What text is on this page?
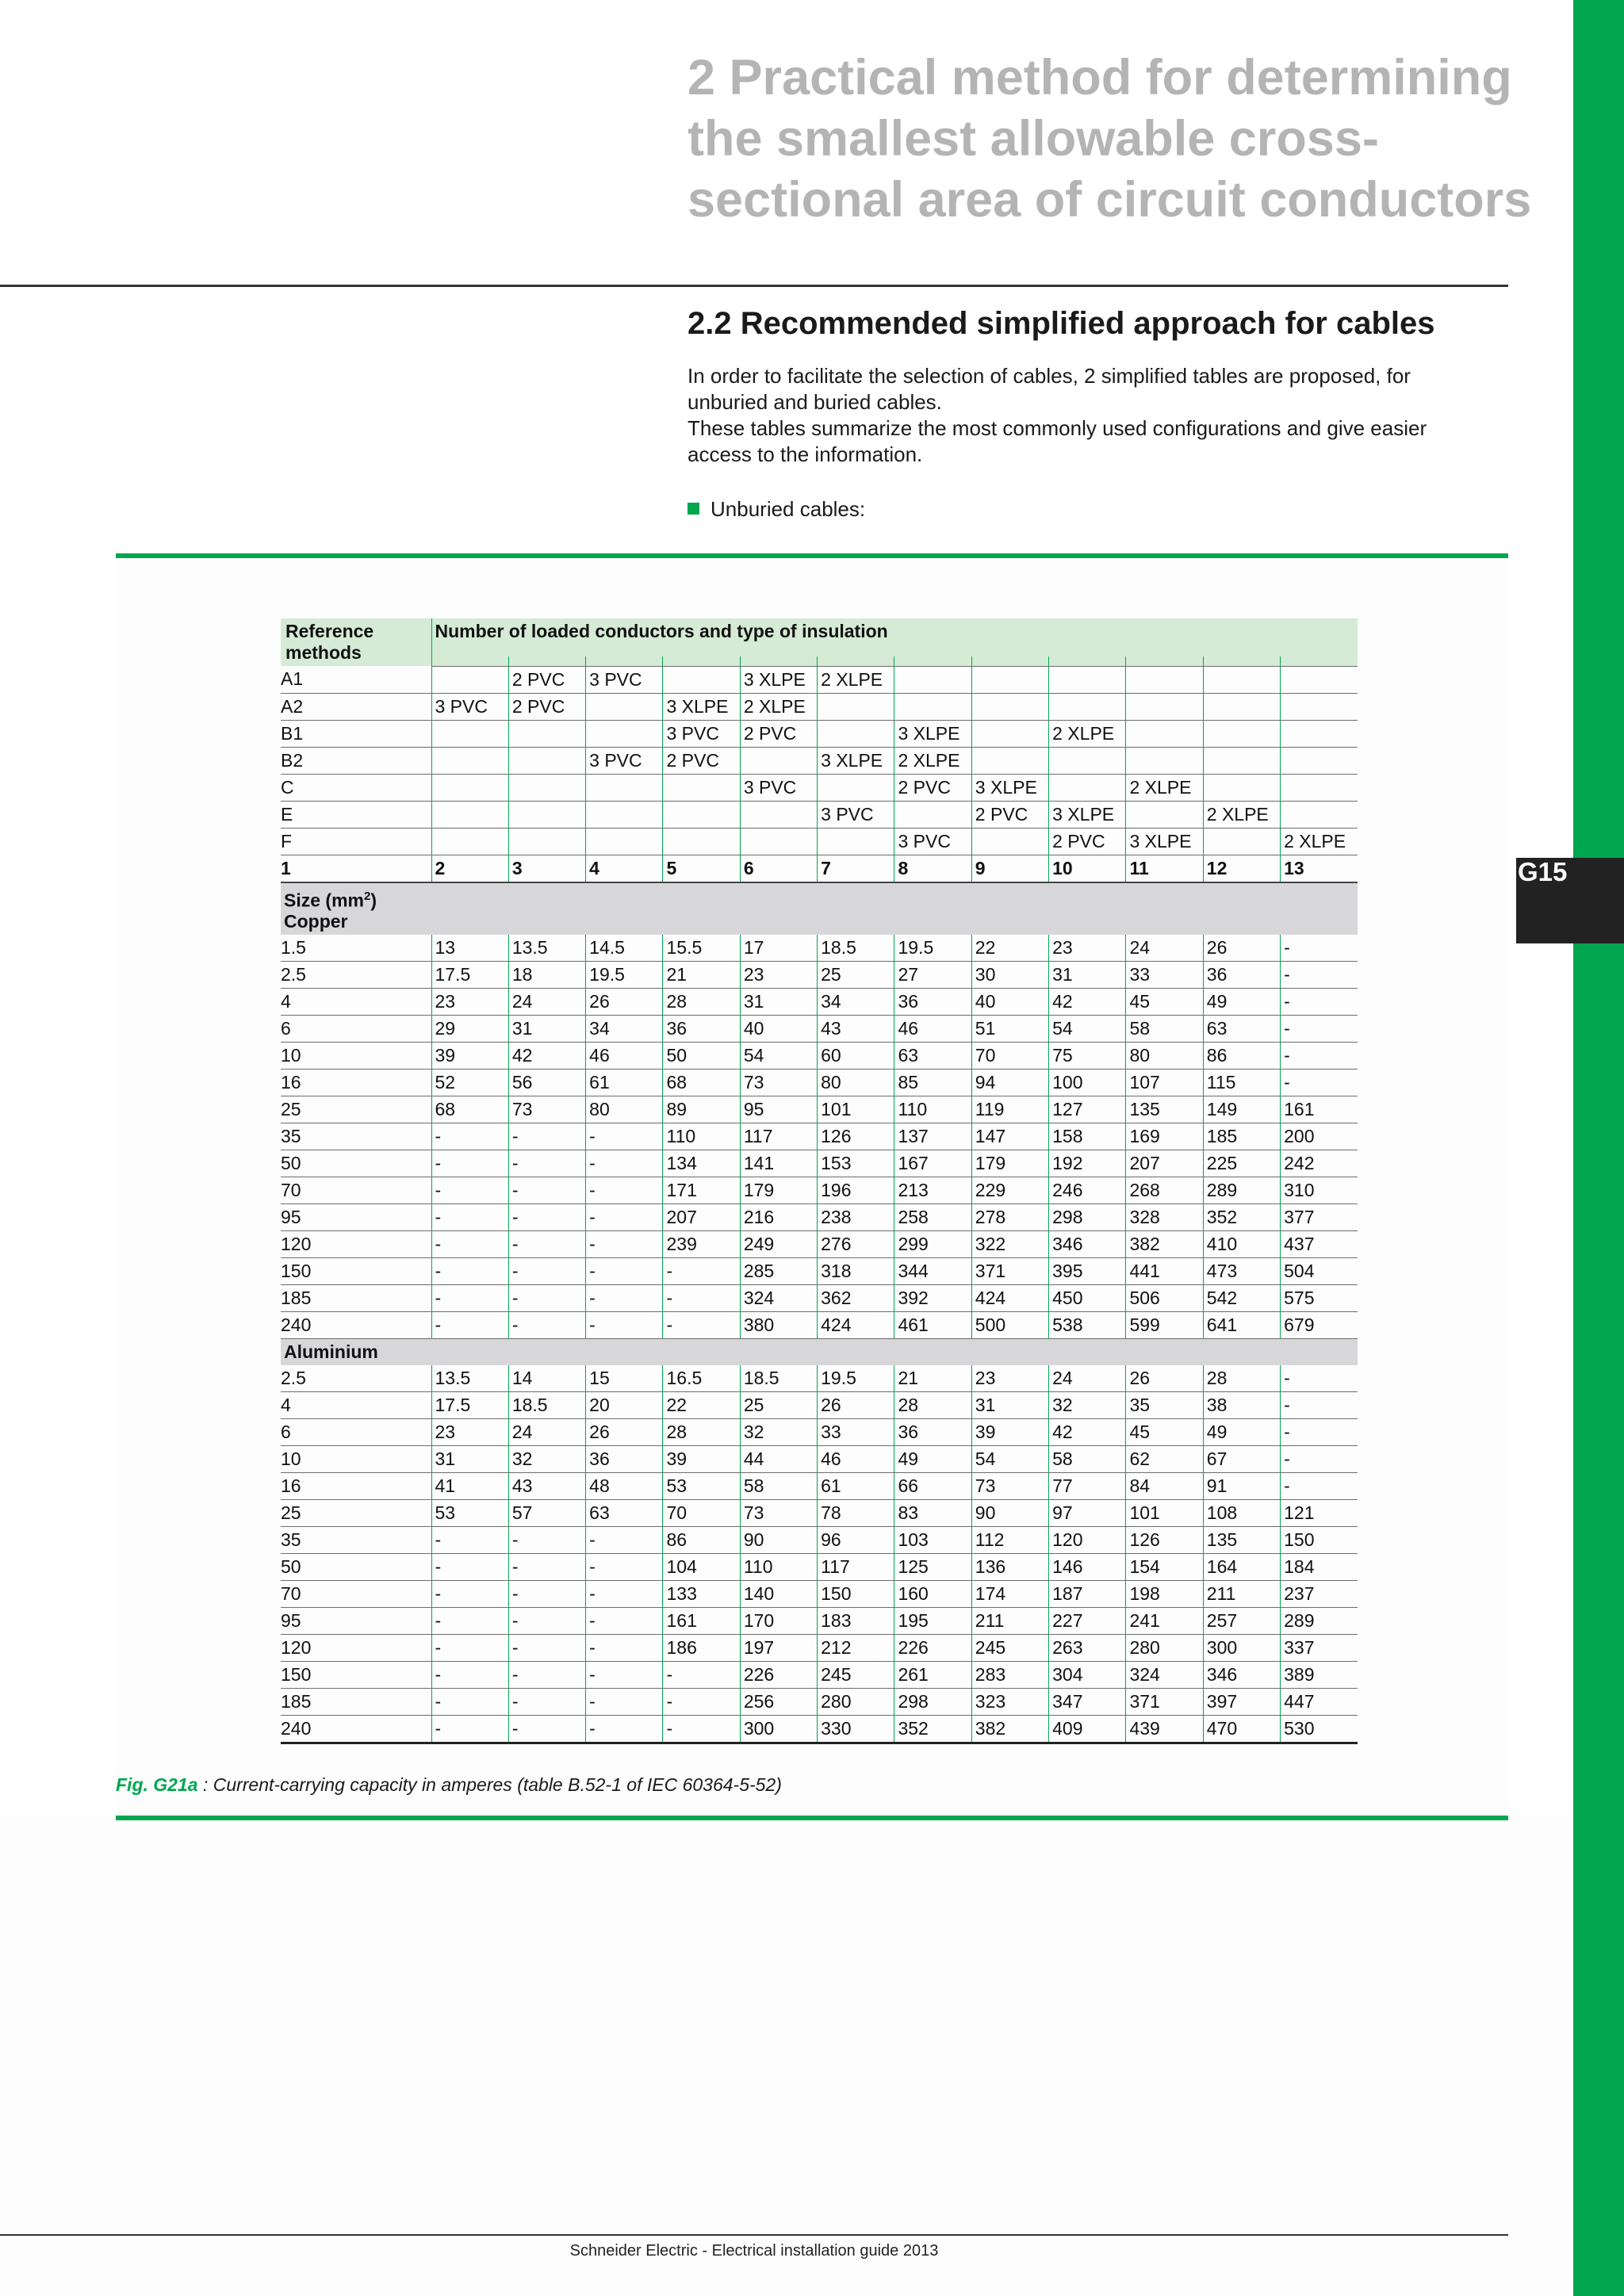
G15
2 Practical method for determining the smallest allowable cross-sectional area of circuit conductors
2.2 Recommended simplified approach for cables

In order to facilitate the selection of cables, 2 simplified tables are proposed, for unburied and buried cables.

These tables summarize the most commonly used configurations and give easier access to the information.

Unburied cables:
Reference methods	Number of loaded conductors and type of insulation											

A1		2 PVC	3 PVC		3 XLPE	2 XLPE						
A2	3 PVC	2 PVC		3 XLPE	2 XLPE							
B1				3 PVC	2 PVC		3 XLPE		2 XLPE			
B2			3 PVC	2 PVC		3 XLPE	2 XLPE					
C					3 PVC		2 PVC	3 XLPE		2 XLPE		
E						3 PVC		2 PVC	3 XLPE		2 XLPE	
F							3 PVC		2 PVC	3 XLPE		2 XLPE
1	2	3	4	5	6	7	8	9	10	11	12	13
Size $(mm^2)$
Copper												
1.5	13	13.5	14.5	15.5	17	18.5	19.5	22	23	24	26	-
2.5	17.5	18	19.5	21	23	25	27	30	31	33	36	-
4	23	24	26	28	31	34	36	40	42	45	49	-
6	29	31	34	36	40	43	46	51	54	58	63	-
10	39	42	46	50	54	60	63	70	75	80	86	-
16	52	56	61	68	73	80	85	94	100	107	115	-
25	68	73	80	89	95	101	110	119	127	135	149	161
35	-	-	-	110	117	126	137	147	158	169	185	200
50	-	-	-	134	141	153	167	179	192	207	225	242
70	-	-	-	171	179	196	213	229	246	268	289	310
95	-	-	-	207	216	238	258	278	298	328	352	377
120	-	-	-	239	249	276	299	322	346	382	410	437
150	-	-	-	-	285	318	344	371	395	441	473	504
185	-	-	-	-	324	362	392	424	450	506	542	575
240	-	-	-	-	380	424	461	500	538	599	641	679
Aluminium												
2.5	13.5	14	15	16.5	18.5	19.5	21	23	24	26	28	-
4	17.5	18.5	20	22	25	26	28	31	32	35	38	-
6	23	24	26	28	32	33	36	39	42	45	49	-
10	31	32	36	39	44	46	49	54	58	62	67	-
16	41	43	48	53	58	61	66	73	77	84	91	-
25	53	57	63	70	73	78	83	90	97	101	108	121
35	-	-	-	86	90	96	103	112	120	126	135	150
50	-	-	-	104	110	117	125	136	146	154	164	184
70	-	-	-	133	140	150	160	174	187	198	211	237
95	-	-	-	161	170	183	195	211	227	241	257	289
120	-	-	-	186	197	212	226	245	263	280	300	337
150	-	-	-	-	226	245	261	283	304	324	346	389
185	-	-	-	-	256	280	298	323	347	371	397	447
240	-	-	-	-	300	330	352	382	409	439	470	530
Fig. G21a : Current-carrying capacity in amperes (table B.52-1 of IEC 60364-5-52)
Schneider Electric - Electrical installation guide 2013
